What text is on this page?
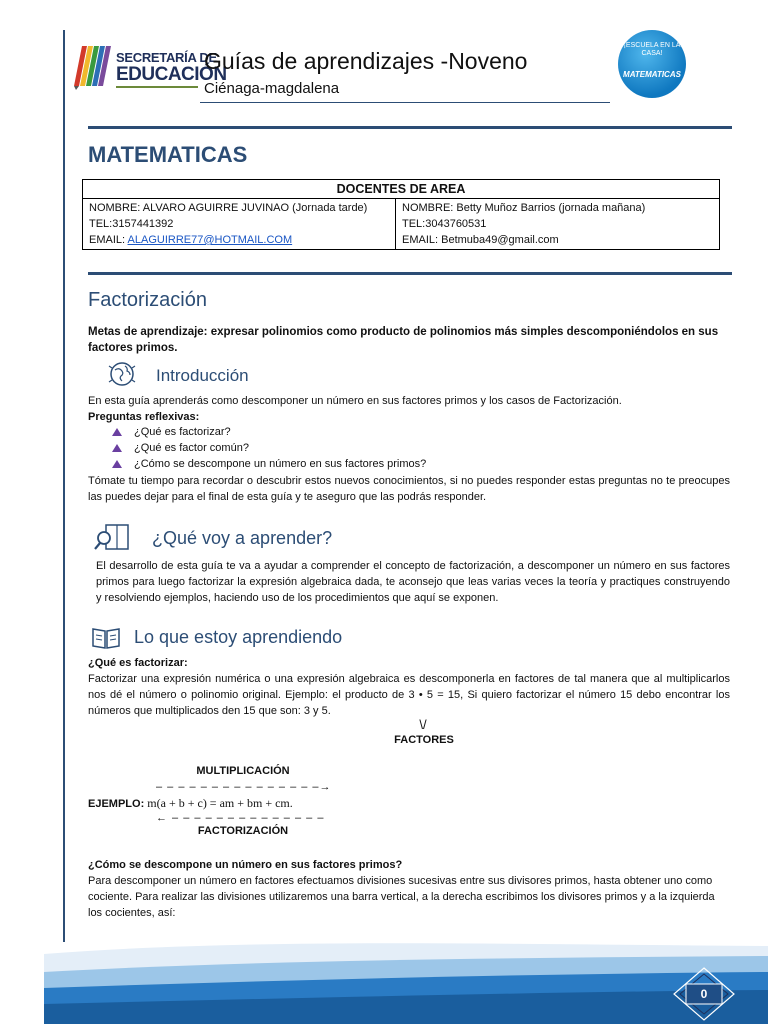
SECRETARÍA DE
EDUCACIÓN
Guías de aprendizajes -Noveno
Ciénaga-magdalena
¡ESCUELA EN LA CASA!
MATEMATICAS
MATEMATICAS
DOCENTES DE AREA

NOMBRE: ALVARO AGUIRRE JUVINAO (Jornada tarde)
TEL:3157441392
EMAIL: ALAGUIRRE77@HOTMAIL.COM

NOMBRE: Betty Muñoz Barrios (jornada mañana)
TEL:3043760531
EMAIL: Betmuba49@gmail.com
Factorización
Metas de aprendizaje: expresar polinomios como producto de polinomios más simples descomponiéndolos en sus factores primos.
Introducción
En esta guía aprenderás como descomponer un número en sus factores primos y los casos de Factorización.
Preguntas reflexivas:
¿Qué es factorizar?
¿Qué es factor común?
¿Cómo se descompone un número en sus factores primos?
Tómate tu tiempo para recordar o descubrir estos nuevos conocimientos, si no puedes responder estas preguntas no te preocupes las puedes dejar para el final de esta guía y te aseguro que las podrás responder.
¿Qué voy a aprender?
El desarrollo de esta guía te va a ayudar a comprender el concepto de factorización, a descomponer un número en sus factores primos para luego factorizar la expresión algebraica dada, te aconsejo que leas varias veces la teoría y practiques construyendo y resolviendo ejemplos, haciendo uso de los procedimientos que aquí se exponen.
Lo que estoy aprendiendo
¿Qué es factorizar:
Factorizar una expresión numérica o una expresión algebraica es descomponerla en factores de tal manera que al multiplicarlos nos dé el número o polinomio original. Ejemplo: el producto de 3 • 5 = 15, Si quiero factorizar el número 15 debo encontrar los números que multiplicados den 15 que son: 3 y 5.
\/
FACTORES
MULTIPLICACIÓN
– – – – – – – – – – – – – – –→
EJEMPLO: m(a + b + c) = am + bm + cm.
← – – – – – – – – – – – – – –
FACTORIZACIÓN
¿Cómo se descompone un número en sus factores primos?
Para descomponer un número en factores efectuamos divisiones sucesivas entre sus divisores primos, hasta obtener uno como cociente. Para realizar las divisiones utilizaremos una barra vertical, a la derecha escribimos los divisores primos y a la izquierda los cocientes, así:
0
